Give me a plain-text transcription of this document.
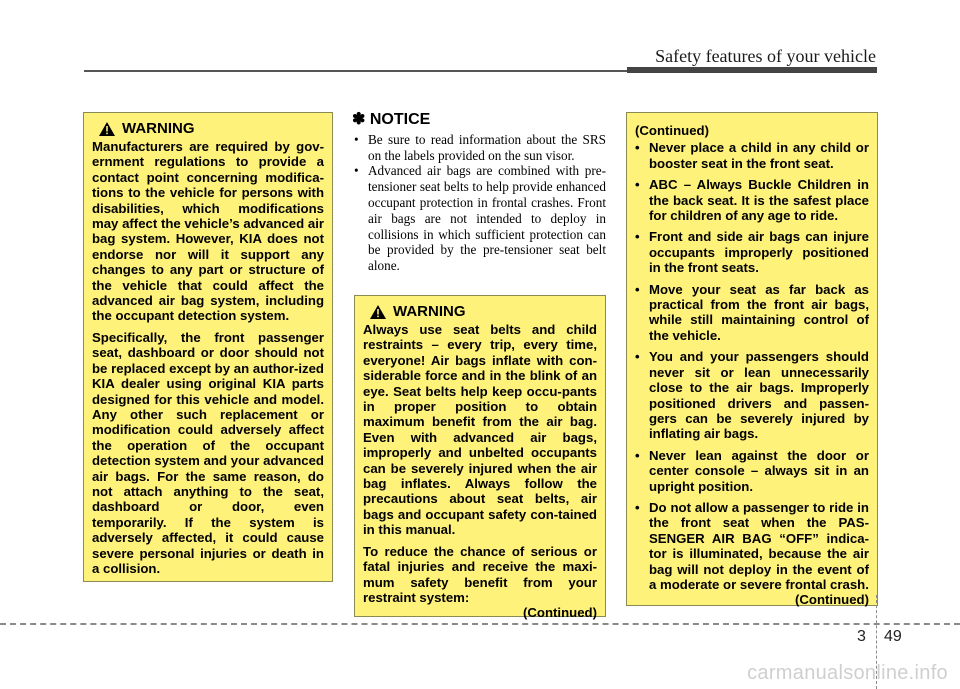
Safety features of your vehicle
WARNING

Manufacturers are required by gov-ernment regulations to provide a contact point concerning modifica-tions to the vehicle for persons with disabilities, which modifications may affect the vehicle’s advanced air bag system. However, KIA does not endorse nor will it support any changes to any part or structure of the vehicle that could affect the advanced air bag system, including the occupant detection system.

Specifically, the front passenger seat, dashboard or door should not be replaced except by an author-ized KIA dealer using original KIA parts designed for this vehicle and model. Any other such replacement or modification could adversely affect the operation of the occupant detection system and your advanced air bags. For the same reason, do not attach anything to the seat, dashboard or door, even temporarily. If the system is adversely affected, it could cause severe personal injuries or death in a collision.

✽ NOTICE
• Be sure to read information about the SRS on the labels provided on the sun visor.
• Advanced air bags are combined with pre-tensioner seat belts to help provide enhanced occupant protection in frontal crashes. Front air bags are not intended to deploy in collisions in which sufficient protection can be provided by the pre-tensioner seat belt alone.
WARNING

Always use seat belts and child restraints – every trip, every time, everyone! Air bags inflate with con-siderable force and in the blink of an eye. Seat belts help keep occu-pants in proper position to obtain maximum benefit from the air bag. Even with advanced air bags, improperly and unbelted occupants can be severely injured when the air bag inflates. Always follow the precautions about seat belts, air bags and occupant safety con-tained in this manual.

To reduce the chance of serious or fatal injuries and receive the maxi-mum safety benefit from your restraint system:

(Continued)
(Continued)
• Never place a child in any child or booster seat in the front seat.
• ABC – Always Buckle Children in the back seat. It is the safest place for children of any age to ride.
• Front and side air bags can injure occupants improperly positioned in the front seats.
• Move your seat as far back as practical from the front air bags, while still maintaining control of the vehicle.
• You and your passengers should never sit or lean unnecessarily close to the air bags. Improperly positioned drivers and passen-gers can be severely injured by inflating air bags.
• Never lean against the door or center console – always sit in an upright position.
• Do not allow a passenger to ride in the front seat when the PAS-SENGER AIR BAG “OFF” indica-tor is illuminated, because the air bag will not deploy in the event of a moderate or severe frontal crash.
(Continued)
3 49
carmanualsonline.info
